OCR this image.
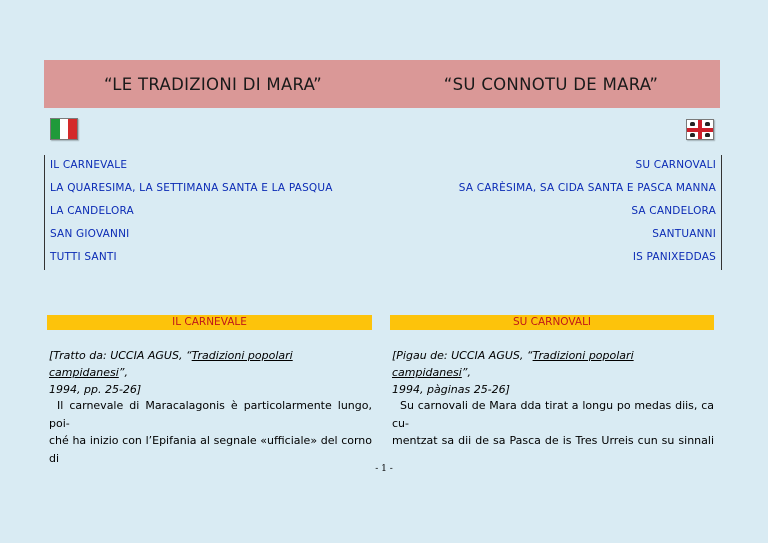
“LE TRADIZIONI DI MARA”	“SU CONNOTU DE MARA”
IL CARNEVALE	SU CARNOVALI
LA QUARESIMA, LA SETTIMANA SANTA E LA PASQUA	SA CARÈSIMA, SA CIDA SANTA E PASCA MANNA
LA CANDELORA	SA CANDELORA
SAN GIOVANNI	SANTUANNI
TUTTI SANTI	IS PANIXEDDAS
IL CARNEVALE	SU CARNOVALI
[Tratto da: UCCIA AGUS, “Tradizioni popolari campidanesi”,
1994, pp. 25-26]
[Pigau de: UCCIA AGUS, “Tradizioni popolari campidanesi”,
1994, pàginas 25-26]
Il carnevale di Maracalagonis è particolarmente lungo, poi-
ché ha inizio con l’Epifania al segnale «ufficiale» del corno di
Su carnovali de Mara dda tirat a longu po medas diis, ca cu-
mentzat sa dii de sa Pasca de is Tres Urreis cun su sinnali
- 1 -
